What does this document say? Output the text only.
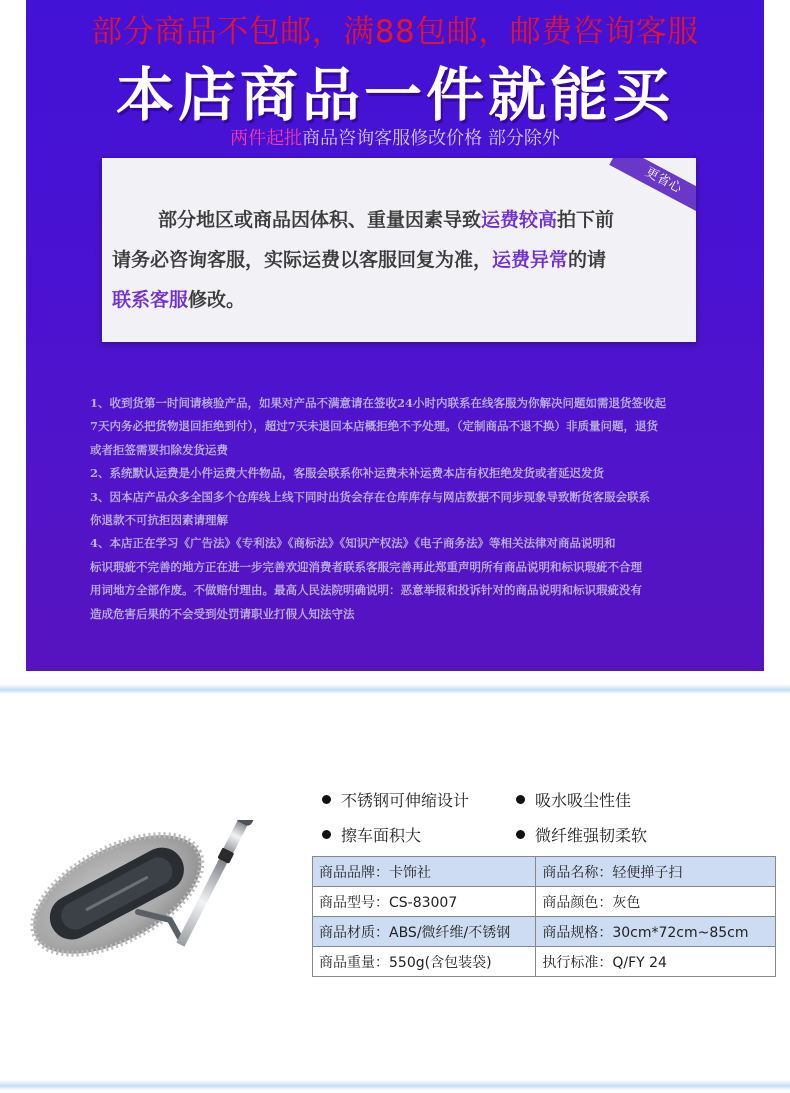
部分商品不包邮，满88包邮，邮费咨询客服
本店商品一件就能买
两件起批商品咨询客服修改价格 部分除外
更省心
部分地区或商品因体积、重量因素导致运费较高拍下前
请务必咨询客服，实际运费以客服回复为准，运费异常的请
联系客服修改。

1、收到货第一时间请核验产品，如果对产品不满意请在签收24小时内联系在线客服为你解决问题如需退货签收起

7天内务必把货物退回拒绝到付），超过7天未退回本店概拒绝不予处理。（定制商品不退不换）非质量问题，退货

或者拒签需要扣除发货运费

2、系统默认运费是小件运费大件物品，客服会联系你补运费未补运费本店有权拒绝发货或者延迟发货

3、因本店产品众多全国多个仓库线上线下同时出货会存在仓库库存与网店数据不同步现象导致断货客服会联系

你退款不可抗拒因素请理解

4、本店正在学习《广告法》《专利法》《商标法》《知识产权法》《电子商务法》等相关法律对商品说明和

标识瑕疵不完善的地方正在进一步完善欢迎消费者联系客服完善再此郑重声明所有商品说明和标识瑕疵不合理

用词地方全部作废。不做赔付理由。最高人民法院明确说明：恶意举报和投诉针对的商品说明和标识瑕疵没有

造成危害后果的不会受到处罚请职业打假人知法守法

不锈钢可伸缩设计	吸水吸尘性佳
擦车面积大	微纤维强韧柔软
商品品牌：卡饰社	商品名称：轻便掸子扫
商品型号：CS-83007	商品颜色：灰色
商品材质：ABS/微纤维/不锈钢	商品规格：30cm*72cm~85cm
商品重量：550g(含包装袋)	执行标准：Q/FY 24
